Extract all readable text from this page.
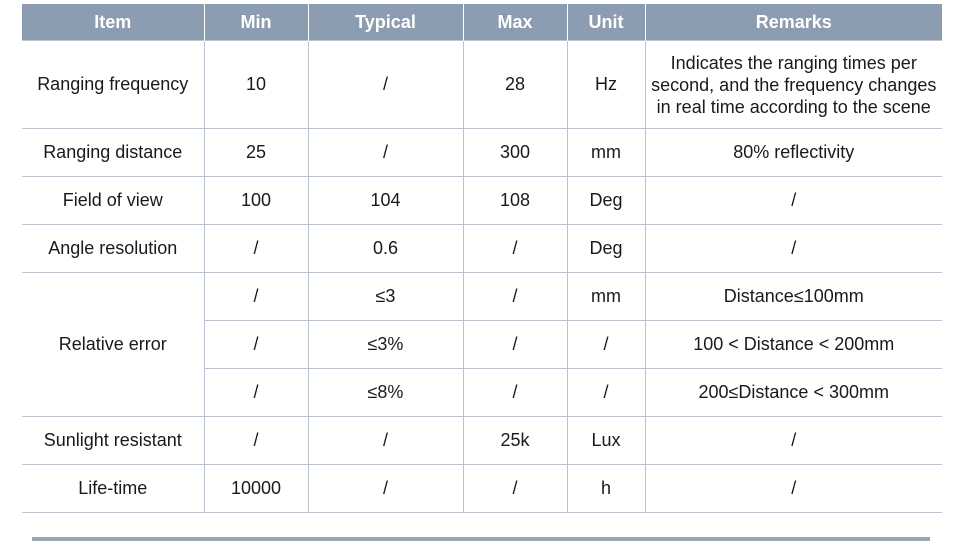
Item	Min	Typical	Max	Unit	Remarks
Ranging frequency	10	/	28	Hz	Indicates the ranging times per second, and the frequency changes in real time according to the scene
Ranging distance	25	/	300	mm	80% reflectivity
Field of view	100	104	108	Deg	/
Angle resolution	/	0.6	/	Deg	/
Relative error	/	≤3	/	mm	Distance≤100mm
	/	≤3%	/	/	100 < Distance < 200mm
	/	≤8%	/	/	200≤Distance < 300mm
Sunlight resistant	/	/	25k	Lux	/
Life-time	10000	/	/	h	/
